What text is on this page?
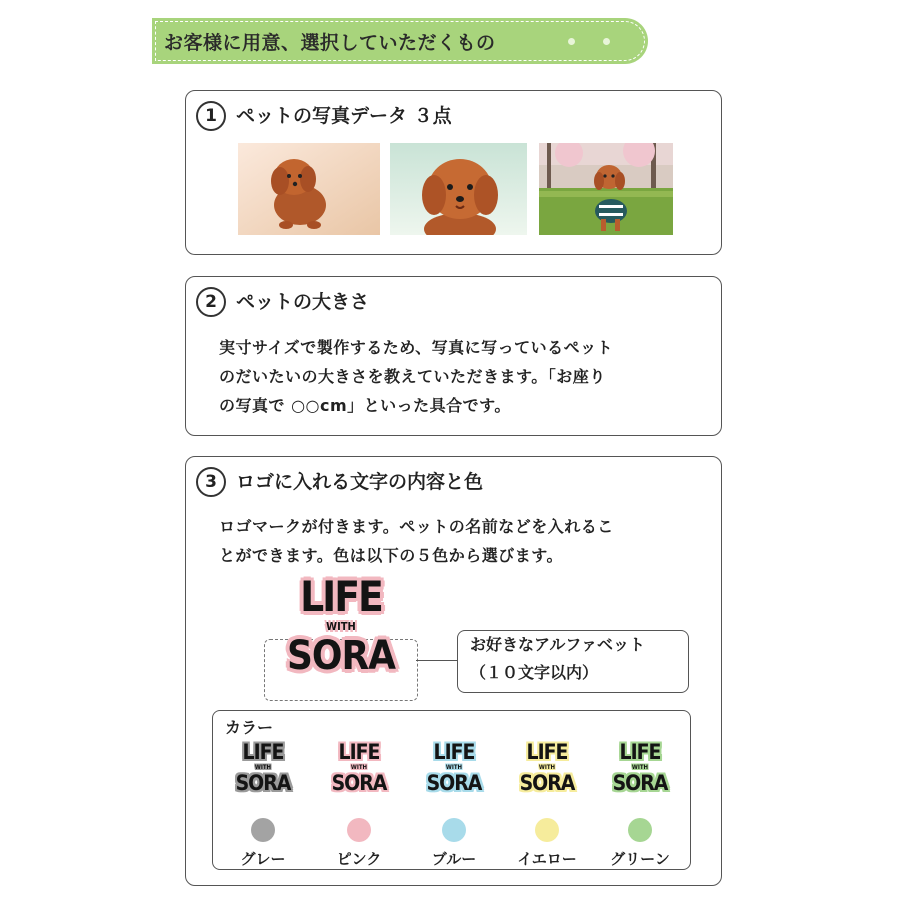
お客様に用意、選択していただくもの
1	ペットの写真データ ３点
2	ペットの大きさ
実寸サイズで製作するため、写真に写っているペット
のだいたいの大きさを教えていただきます。「お座り
の写真で ○○cm」といった具合です。
3	ロゴに入れる文字の内容と色
ロゴマークが付きます。ペットの名前などを入れるこ
とができます。色は以下の５色から選びます。
LIFE
WITH
SORA	お好きなアルファベット
（１０文字以内）
カラー
LIFE
WITH
SORA
グレー
LIFE
WITH
SORA
ピンク
LIFE
WITH
SORA
ブルー
LIFE
WITH
SORA
イエロー
LIFE
WITH
SORA
グリーン
